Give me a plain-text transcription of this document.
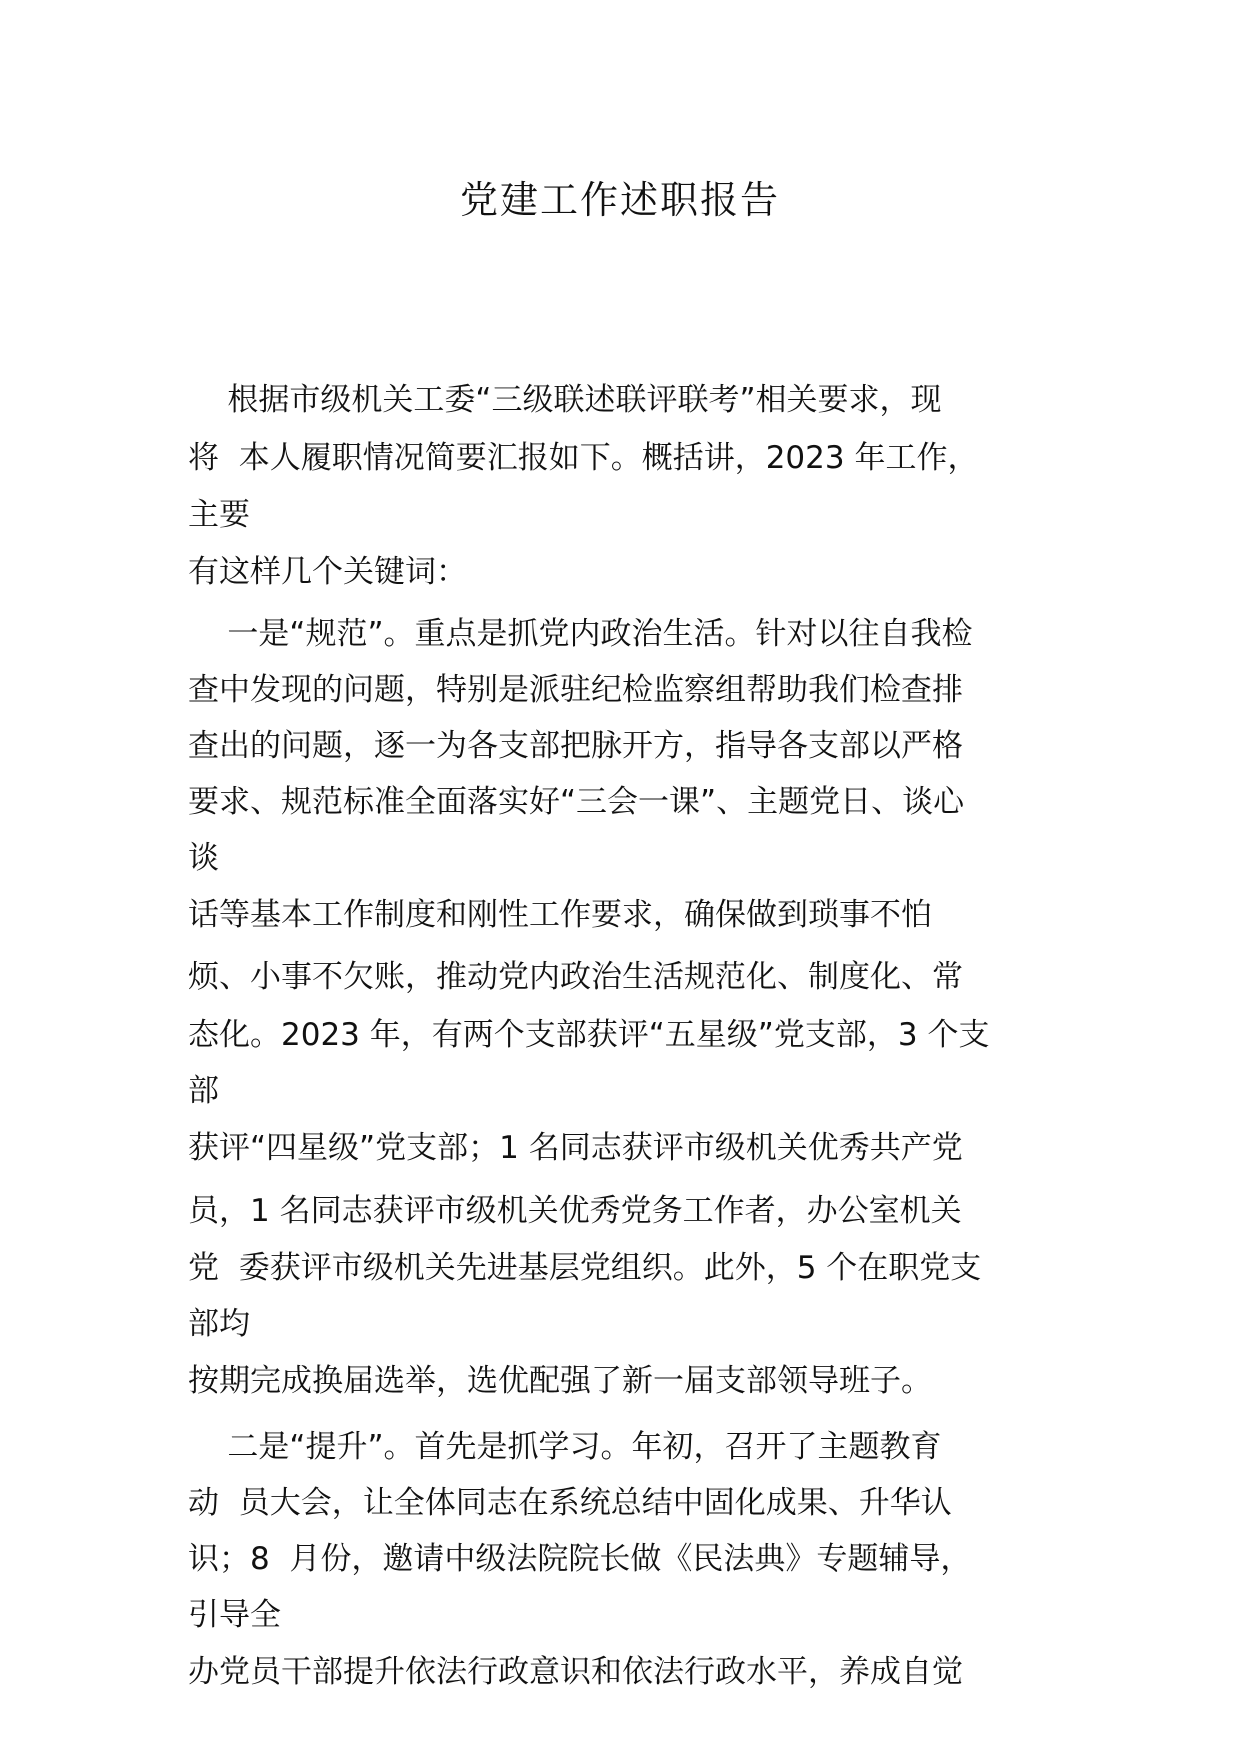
党建工作述职报告
根据市级机关工委“三级联述联评联考”相关要求，现
将  本人履职情况简要汇报如下。概括讲，2023 年工作，
主要
有这样几个关键词：
一是“规范”。重点是抓党内政治生活。针对以往自我检
查中发现的问题，特别是派驻纪检监察组帮助我们检查排
查出的问题，逐一为各支部把脉开方，指导各支部以严格
要求、规范标准全面落实好“三会一课”、主题党日、谈心
谈
话等基本工作制度和刚性工作要求，确保做到琐事不怕
烦、小事不欠账，推动党内政治生活规范化、制度化、常
态化。2023 年，有两个支部获评“五星级”党支部，3 个支
部
获评“四星级”党支部；1 名同志获评市级机关优秀共产党
员，1 名同志获评市级机关优秀党务工作者，办公室机关
党  委获评市级机关先进基层党组织。此外，5 个在职党支
部均
按期完成换届选举，选优配强了新一届支部领导班子。
二是“提升”。首先是抓学习。年初，召开了主题教育
动  员大会，让全体同志在系统总结中固化成果、升华认
识；8  月份，邀请中级法院院长做《民法典》专题辅导，
引导全
办党员干部提升依法行政意识和依法行政水平，养成自觉
